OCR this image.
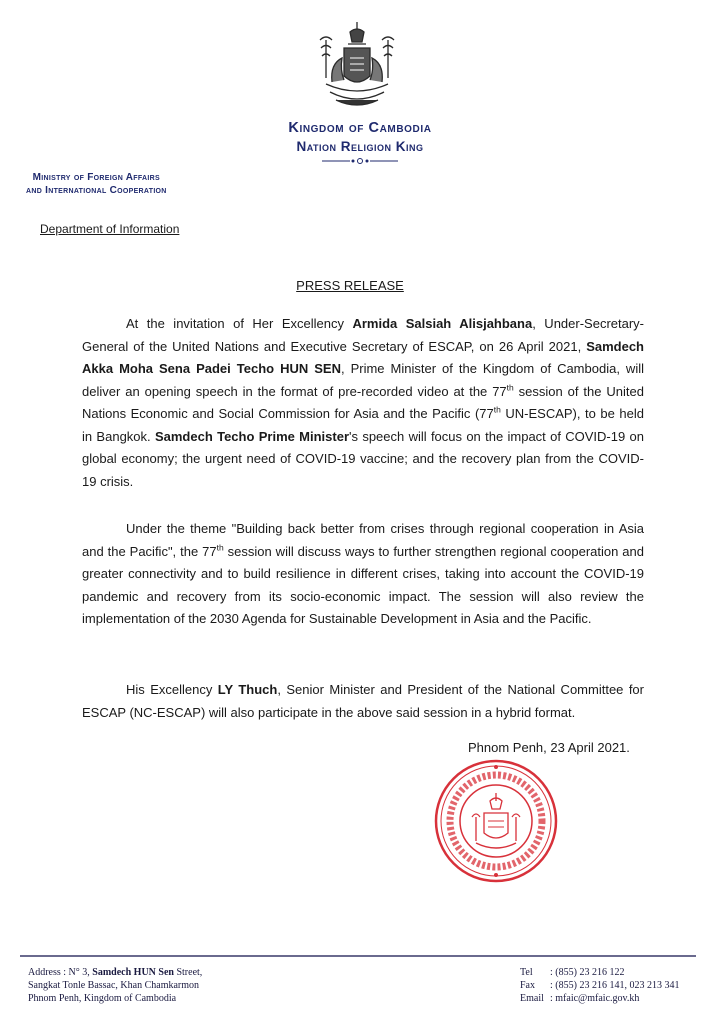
Kingdom of Cambodia
Nation Religion King
Ministry of Foreign Affairs
and International Cooperation
Department of Information
PRESS RELEASE
At the invitation of Her Excellency Armida Salsiah Alisjahbana, Under-Secretary-General of the United Nations and Executive Secretary of ESCAP, on 26 April 2021, Samdech Akka Moha Sena Padei Techo HUN SEN, Prime Minister of the Kingdom of Cambodia, will deliver an opening speech in the format of pre-recorded video at the 77th session of the United Nations Economic and Social Commission for Asia and the Pacific (77th UN-ESCAP), to be held in Bangkok. Samdech Techo Prime Minister's speech will focus on the impact of COVID-19 on global economy; the urgent need of COVID-19 vaccine; and the recovery plan from the COVID-19 crisis.
Under the theme "Building back better from crises through regional cooperation in Asia and the Pacific", the 77th session will discuss ways to further strengthen regional cooperation and greater connectivity and to build resilience in different crises, taking into account the COVID-19 pandemic and recovery from its socio-economic impact. The session will also review the implementation of the 2030 Agenda for Sustainable Development in Asia and the Pacific.
His Excellency LY Thuch, Senior Minister and President of the National Committee for ESCAP (NC-ESCAP) will also participate in the above said session in a hybrid format.
Phnom Penh, 23 April 2021.
Address : N° 3, Samdech HUN Sen Street,
Sangkat Tonle Bassac, Khan Chamkarmon
Phnom Penh, Kingdom of Cambodia
Tel : (855) 23 216 122
Fax : (855) 23 216 141, 023 213 341
Email : mfaic@mfaic.gov.kh
